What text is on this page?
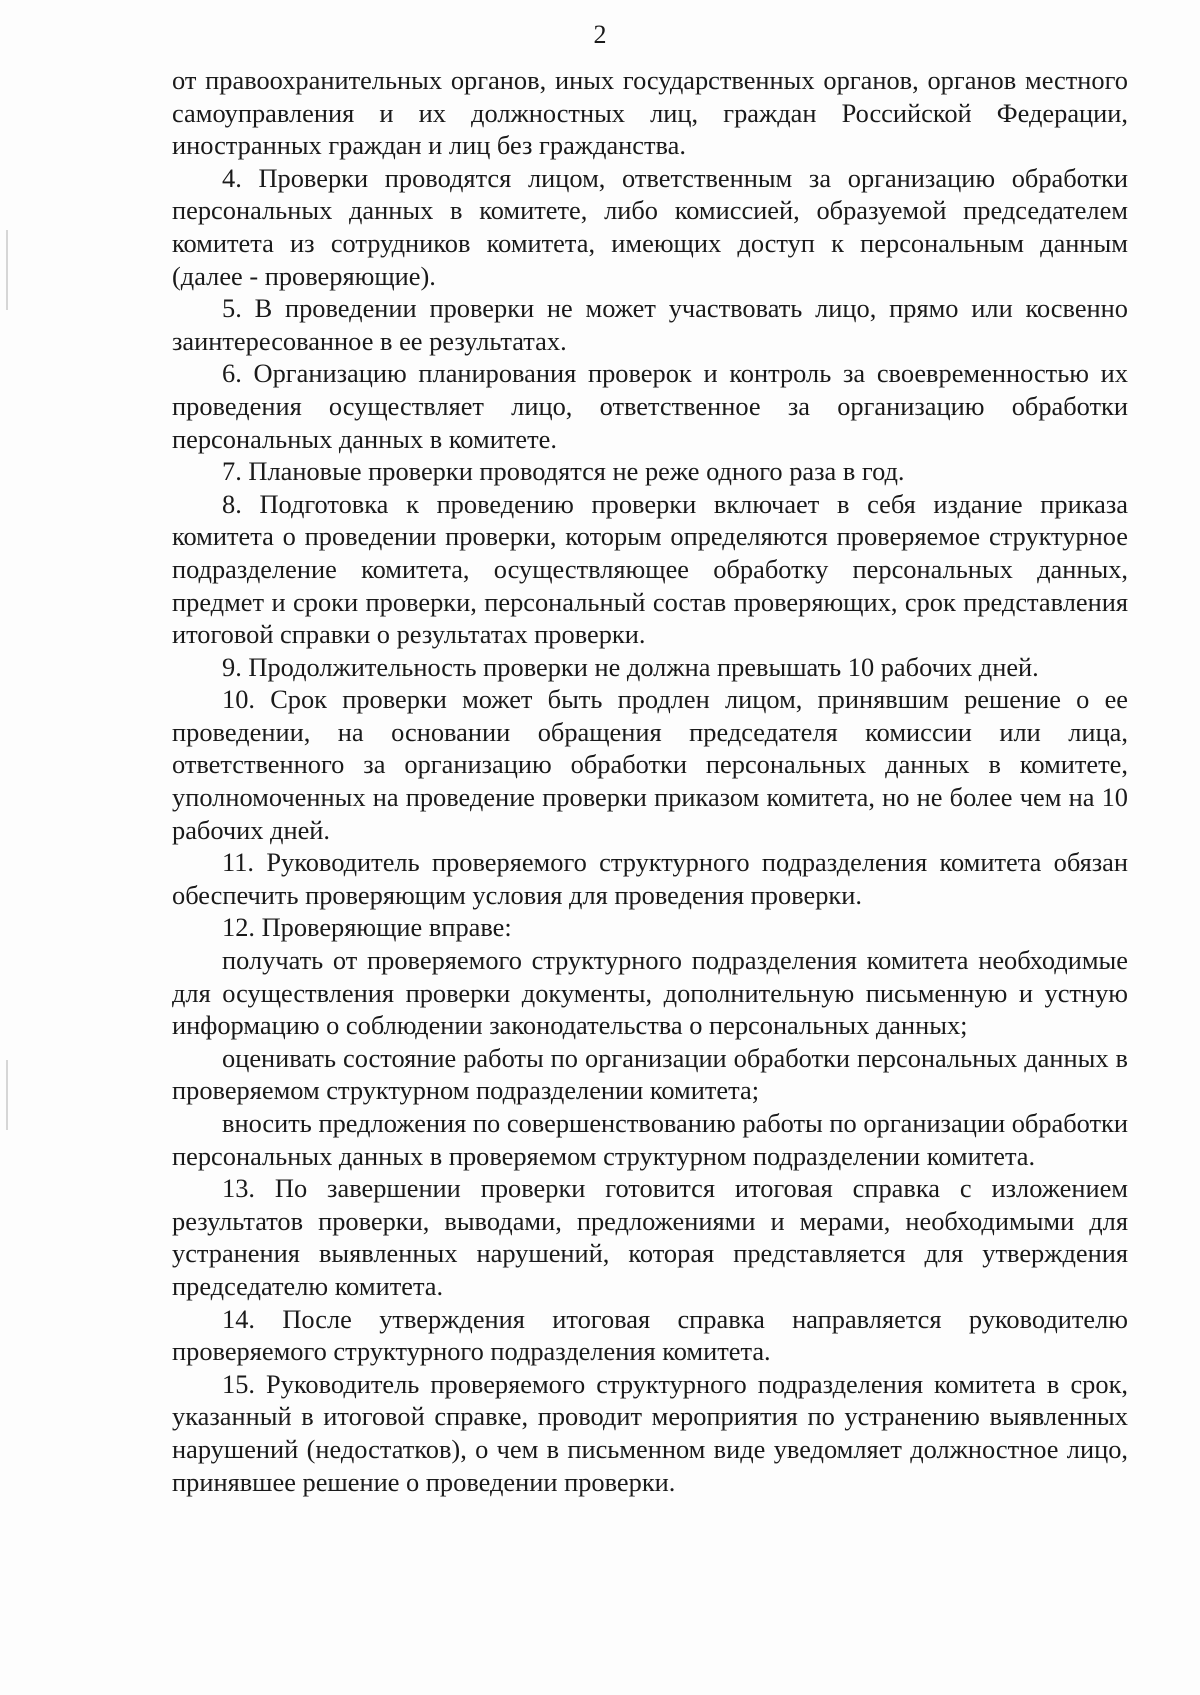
2

от правоохранительных органов, иных государственных органов, органов местного самоуправления и их должностных лиц, граждан Российской Федерации, иностранных граждан и лиц без гражданства.

4. Проверки проводятся лицом, ответственным за организацию обработки персональных данных в комитете, либо комиссией, образуемой председателем комитета из сотрудников комитета, имеющих доступ к персональным данным (далее - проверяющие).

5. В проведении проверки не может участвовать лицо, прямо или косвенно заинтересованное в ее результатах.

6. Организацию планирования проверок и контроль за своевременностью их проведения осуществляет лицо, ответственное за организацию обработки персональных данных в комитете.

7. Плановые проверки проводятся не реже одного раза в год.

8. Подготовка к проведению проверки включает в себя издание приказа комитета о проведении проверки, которым определяются проверяемое структурное подразделение комитета, осуществляющее обработку персональных данных, предмет и сроки проверки, персональный состав проверяющих, срок представления итоговой справки о результатах проверки.

9. Продолжительность проверки не должна превышать 10 рабочих дней.

10. Срок проверки может быть продлен лицом, принявшим решение о ее проведении, на основании обращения председателя комиссии или лица, ответственного за организацию обработки персональных данных в комитете, уполномоченных на проведение проверки приказом комитета, но не более чем на 10 рабочих дней.

11. Руководитель проверяемого структурного подразделения комитета обязан обеспечить проверяющим условия для проведения проверки.

12. Проверяющие вправе:

получать от проверяемого структурного подразделения комитета необходимые для осуществления проверки документы, дополнительную письменную и устную информацию о соблюдении законодательства о персональных данных;

оценивать состояние работы по организации обработки персональных данных в проверяемом структурном подразделении комитета;

вносить предложения по совершенствованию работы по организации обработки персональных данных в проверяемом структурном подразделении комитета.

13. По завершении проверки готовится итоговая справка с изложением результатов проверки, выводами, предложениями и мерами, необходимыми для устранения выявленных нарушений, которая представляется для утверждения председателю комитета.

14. После утверждения итоговая справка направляется руководителю проверяемого структурного подразделения комитета.

15. Руководитель проверяемого структурного подразделения комитета в срок, указанный в итоговой справке, проводит мероприятия по устранению выявленных нарушений (недостатков), о чем в письменном виде уведомляет должностное лицо, принявшее решение о проведении проверки.
